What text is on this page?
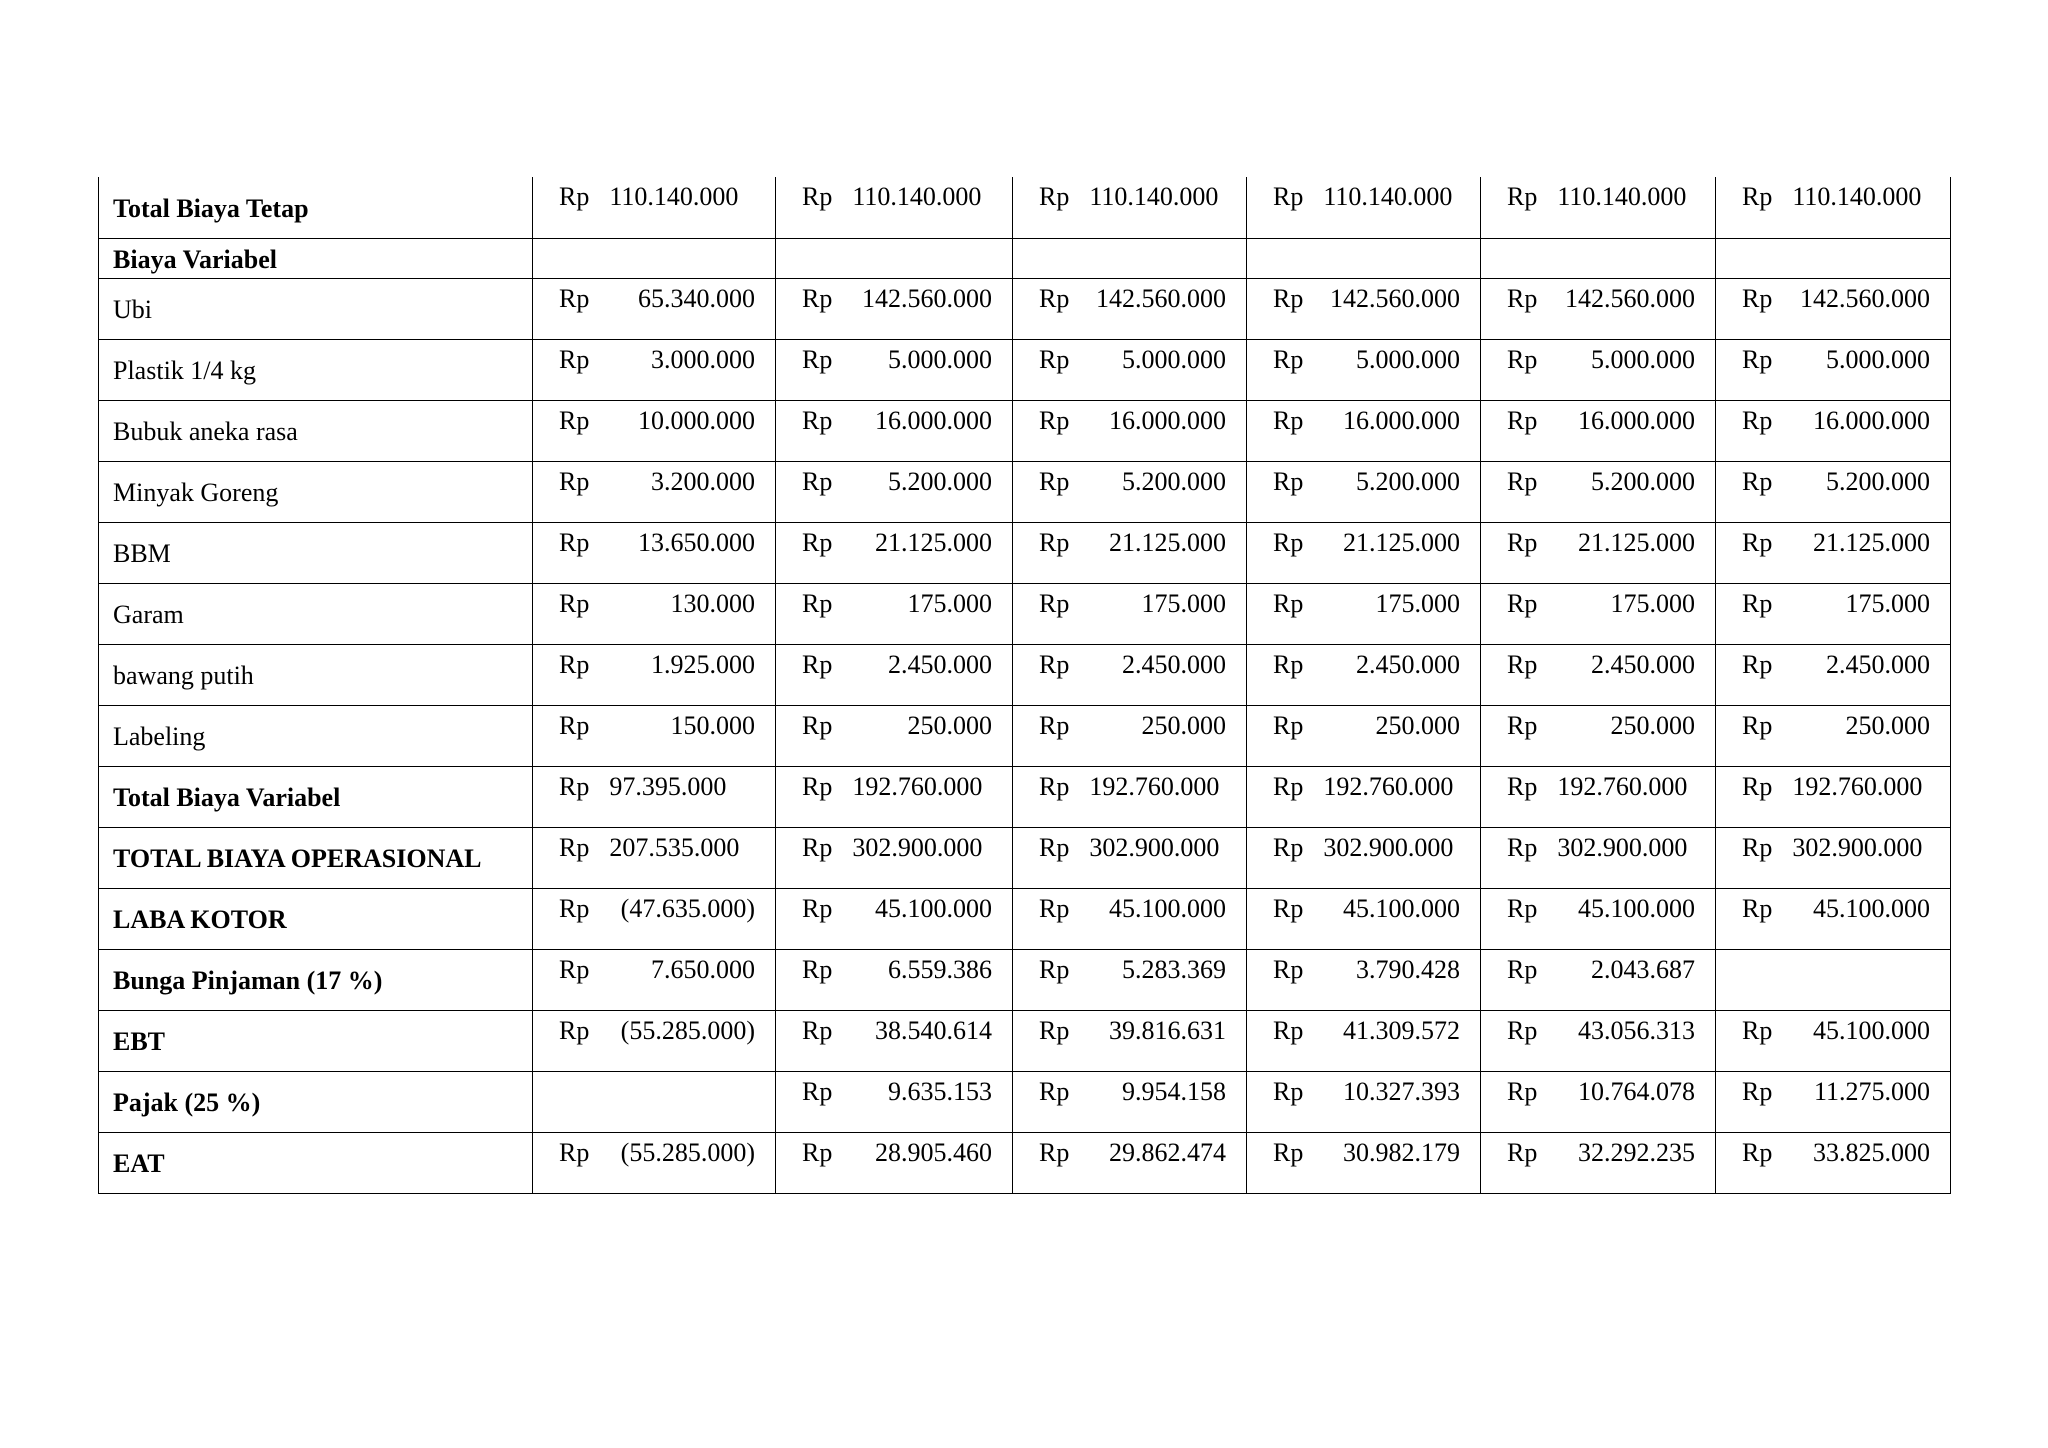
Total Biaya Tetap	Rp 110.140.000	Rp 110.140.000	Rp 110.140.000	Rp 110.140.000	Rp 110.140.000	Rp 110.140.000

Biaya Variabel						
Ubi	Rp 65.340.000	Rp 142.560.000	Rp 142.560.000	Rp 142.560.000	Rp 142.560.000	Rp 142.560.000

Plastik 1/4 kg	Rp 3.000.000	Rp 5.000.000	Rp 5.000.000	Rp 5.000.000	Rp 5.000.000	Rp 5.000.000

Bubuk aneka rasa	Rp 10.000.000	Rp 16.000.000	Rp 16.000.000	Rp 16.000.000	Rp 16.000.000	Rp 16.000.000

Minyak Goreng	Rp 3.200.000	Rp 5.200.000	Rp 5.200.000	Rp 5.200.000	Rp 5.200.000	Rp 5.200.000

BBM	Rp 13.650.000	Rp 21.125.000	Rp 21.125.000	Rp 21.125.000	Rp 21.125.000	Rp 21.125.000

Garam	Rp 130.000	Rp 175.000	Rp 175.000	Rp 175.000	Rp 175.000	Rp 175.000

bawang putih	Rp 1.925.000	Rp 2.450.000	Rp 2.450.000	Rp 2.450.000	Rp 2.450.000	Rp 2.450.000

Labeling	Rp 150.000	Rp 250.000	Rp 250.000	Rp 250.000	Rp 250.000	Rp 250.000

Total Biaya Variabel	Rp 97.395.000	Rp 192.760.000	Rp 192.760.000	Rp 192.760.000	Rp 192.760.000	Rp 192.760.000

TOTAL BIAYA OPERASIONAL	Rp 207.535.000	Rp 302.900.000	Rp 302.900.000	Rp 302.900.000	Rp 302.900.000	Rp 302.900.000

LABA KOTOR	Rp (47.635.000)	Rp 45.100.000	Rp 45.100.000	Rp 45.100.000	Rp 45.100.000	Rp 45.100.000

Bunga Pinjaman (17 %)	Rp 7.650.000	Rp 6.559.386	Rp 5.283.369	Rp 3.790.428	Rp 2.043.687	

EBT	Rp (55.285.000)	Rp 38.540.614	Rp 39.816.631	Rp 41.309.572	Rp 43.056.313	Rp 45.100.000

Pajak (25 %)		Rp 9.635.153	Rp 9.954.158	Rp 10.327.393	Rp 10.764.078	Rp 11.275.000

EAT	Rp (55.285.000)	Rp 28.905.460	Rp 29.862.474	Rp 30.982.179	Rp 32.292.235	Rp 33.825.000
